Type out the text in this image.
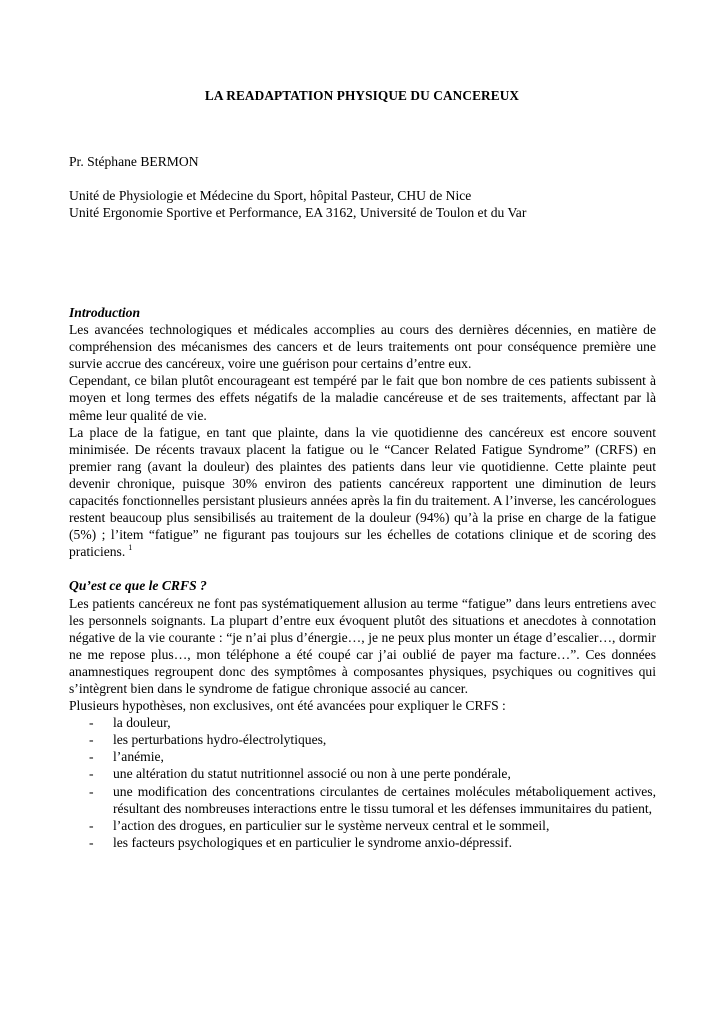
LA READAPTATION PHYSIQUE DU CANCEREUX
Pr. Stéphane BERMON
Unité de Physiologie et Médecine du Sport, hôpital Pasteur, CHU de Nice
Unité Ergonomie Sportive et Performance, EA 3162, Université de Toulon et du Var

Introduction

Les avancées technologiques et médicales accomplies au cours des dernières décennies, en matière de compréhension des mécanismes des cancers et de leurs traitements ont pour conséquence première une survie accrue des cancéreux, voire une guérison pour certains d’entre eux.

Cependant, ce bilan plutôt encourageant est tempéré par le fait que bon nombre de ces patients subissent à moyen et long termes des effets négatifs de la maladie cancéreuse et de ses traitements, affectant par là même leur qualité de vie.

La place de la fatigue, en tant que plainte, dans la vie quotidienne des cancéreux est encore souvent minimisée. De récents travaux placent la fatigue ou le “Cancer Related Fatigue Syndrome” (CRFS) en premier rang (avant la douleur) des plaintes des patients dans leur vie quotidienne. Cette plainte peut devenir chronique, puisque 30% environ des patients cancéreux rapportent une diminution de leurs capacités fonctionnelles persistant plusieurs années après la fin du traitement. A l’inverse, les cancérologues restent beaucoup plus sensibilisés au traitement de la douleur (94%) qu’à la prise en charge de la fatigue (5%) ; l’item “fatigue” ne figurant pas toujours sur les échelles de cotations clinique et de scoring des praticiens. $^1$

Qu’est ce que le CRFS ?

Les patients cancéreux ne font pas systématiquement allusion au terme “fatigue” dans leurs entretiens avec les personnels soignants. La plupart d’entre eux évoquent plutôt des situations et anecdotes à connotation négative de la vie courante : “je n’ai plus d’énergie…, je ne peux plus monter un étage d’escalier…, dormir ne me repose plus…, mon téléphone a été coupé car j’ai oublié de payer ma facture…”. Ces données anamnestiques regroupent donc des symptômes à composantes physiques, psychiques ou cognitives qui s’intègrent bien dans le syndrome de fatigue chronique associé au cancer.

Plusieurs hypothèses, non exclusives, ont été avancées pour expliquer le CRFS :

- la douleur,
- les perturbations hydro-électrolytiques,
- l’anémie,
- une altération du statut nutritionnel associé ou non à une perte pondérale,
- une modification des concentrations circulantes de certaines molécules métaboliquement actives, résultant des nombreuses interactions entre le tissu tumoral et les défenses immunitaires du patient,
- l’action des drogues, en particulier sur le système nerveux central et le sommeil,
- les facteurs psychologiques et en particulier le syndrome anxio-dépressif.
